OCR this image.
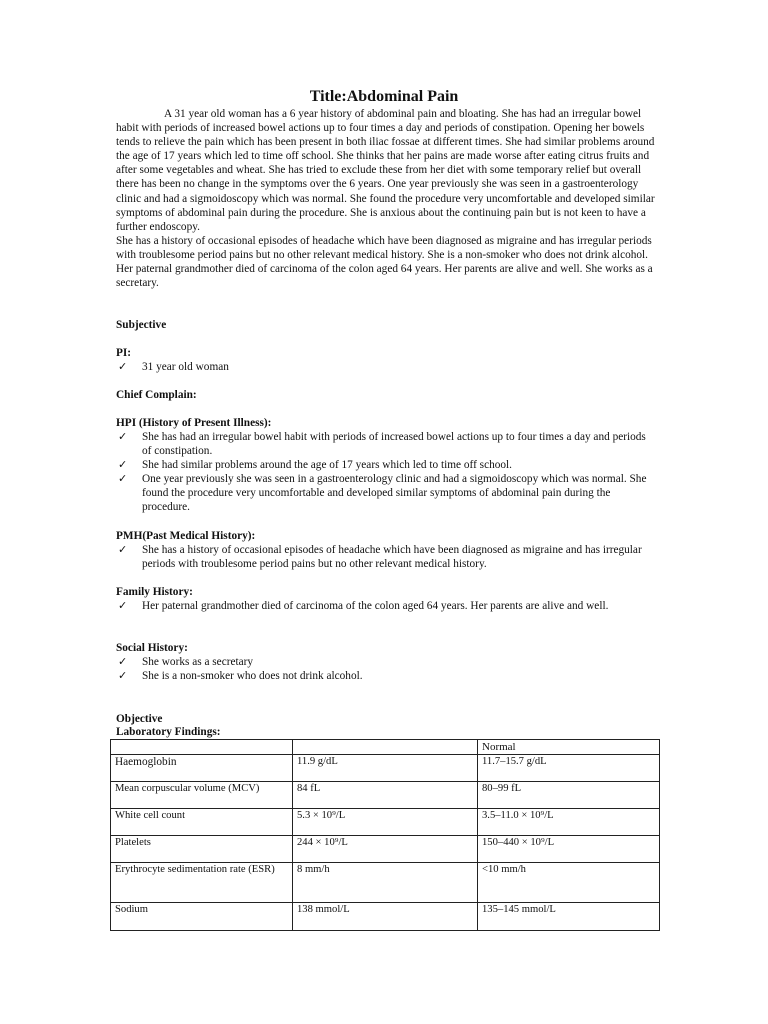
Title:Abdominal Pain

A 31 year old woman has a 6 year history of abdominal pain and bloating. She has had an irregular bowel habit with periods of increased bowel actions up to four times a day and periods of constipation. Opening her bowels tends to relieve the pain which has been present in both iliac fossae at different times. She had similar problems around the age of 17 years which led to time off school. She thinks that her pains are made worse after eating citrus fruits and after some vegetables and wheat. She has tried to exclude these from her diet with some temporary relief but overall there has been no change in the symptoms over the 6 years. One year previously she was seen in a gastroenterology clinic and had a sigmoidoscopy which was normal. She found the procedure very uncomfortable and developed similar symptoms of abdominal pain during the procedure. She is anxious about the continuing pain but is not keen to have a further endoscopy.

She has a history of occasional episodes of headache which have been diagnosed as migraine and has irregular periods with troublesome period pains but no other relevant medical history. She is a non-smoker who does not drink alcohol. Her paternal grandmother died of carcinoma of the colon aged 64 years. Her parents are alive and well. She works as a secretary.

Subjective
PI:
✓ 31 year old woman
Chief Complain:
HPI (History of Present Illness):
✓ She has had an irregular bowel habit with periods of increased bowel actions up to four times a day and periods of constipation.
✓ She had similar problems around the age of 17 years which led to time off school.
✓ One year previously she was seen in a gastroenterology clinic and had a sigmoidoscopy which was normal. She found the procedure very uncomfortable and developed similar symptoms of abdominal pain during the procedure.
PMH(Past Medical History):
✓ She has a history of occasional episodes of headache which have been diagnosed as migraine and has irregular periods with troublesome period pains but no other relevant medical history.
Family History:
✓ Her paternal grandmother died of carcinoma of the colon aged 64 years. Her parents are alive and well.
Social History:
✓ She works as a secretary
✓ She is a non-smoker who does not drink alcohol.
Objective
Laboratory Findings:
		Normal
Haemoglobin	11.9 g/dL	11.7–15.7 g/dL
Mean corpuscular volume (MCV)	84 fL	80–99 fL
White cell count	5.3 × 10⁹/L	3.5–11.0 × 10⁹/L
Platelets	244 × 10⁹/L	150–440 × 10⁹/L
Erythrocyte sedimentation rate (ESR)	8 mm/h	<10 mm/h
Sodium	138 mmol/L	135–145 mmol/L
